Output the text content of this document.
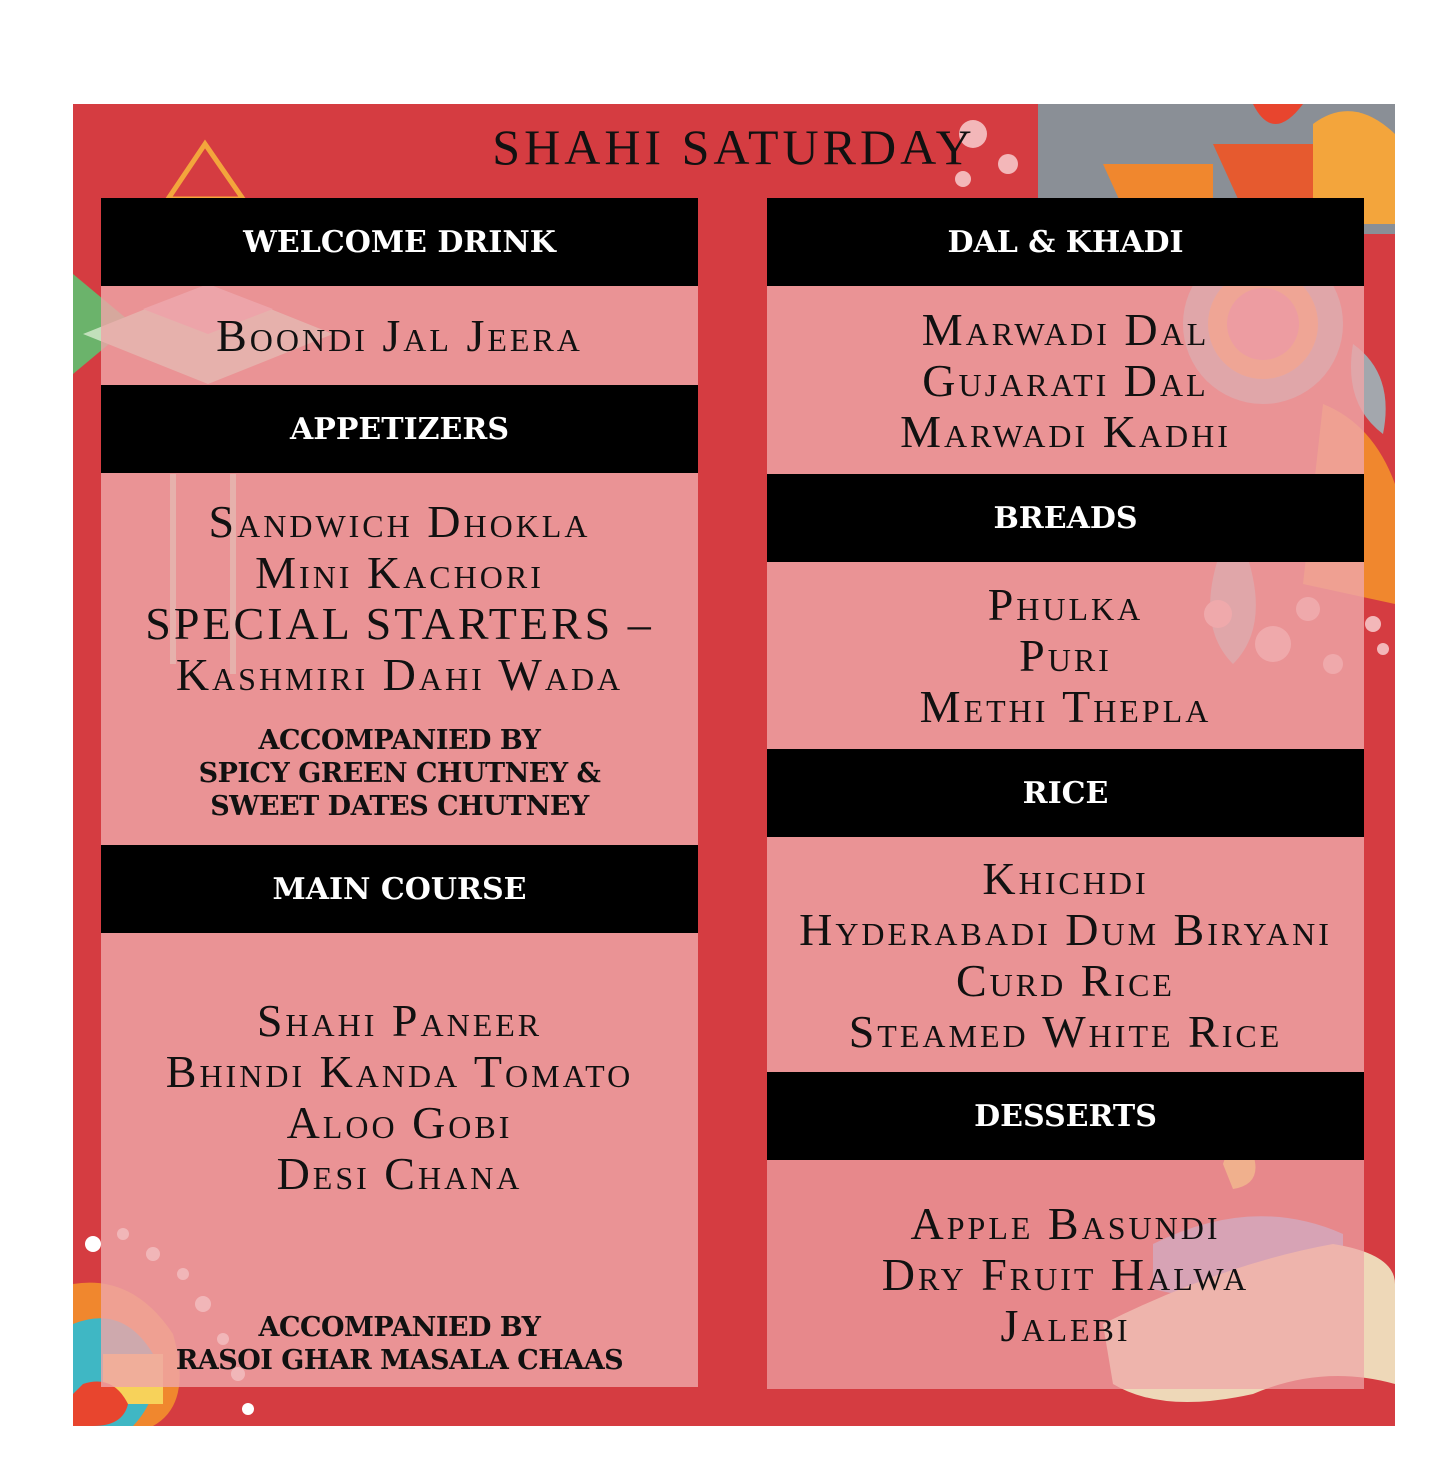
SHAHI SATURDAY
WELCOME DRINK
Boondi Jal Jeera
APPETIZERS
Sandwich Dhokla
Mini Kachori
SPECIAL STARTERS –
Kashmiri Dahi Wada
ACCOMPANIED BY
SPICY GREEN CHUTNEY &
SWEET DATES CHUTNEY
MAIN COURSE
Shahi Paneer
Bhindi Kanda Tomato
Aloo Gobi
Desi Chana
ACCOMPANIED BY
RASOI GHAR MASALA CHAAS
DAL & KHADI
Marwadi Dal
Gujarati Dal
Marwadi Kadhi
BREADS
Phulka
Puri
Methi Thepla
RICE
Khichdi
Hyderabadi Dum Biryani
Curd Rice
Steamed White Rice
DESSERTS
Apple Basundi
Dry Fruit Halwa
Jalebi
